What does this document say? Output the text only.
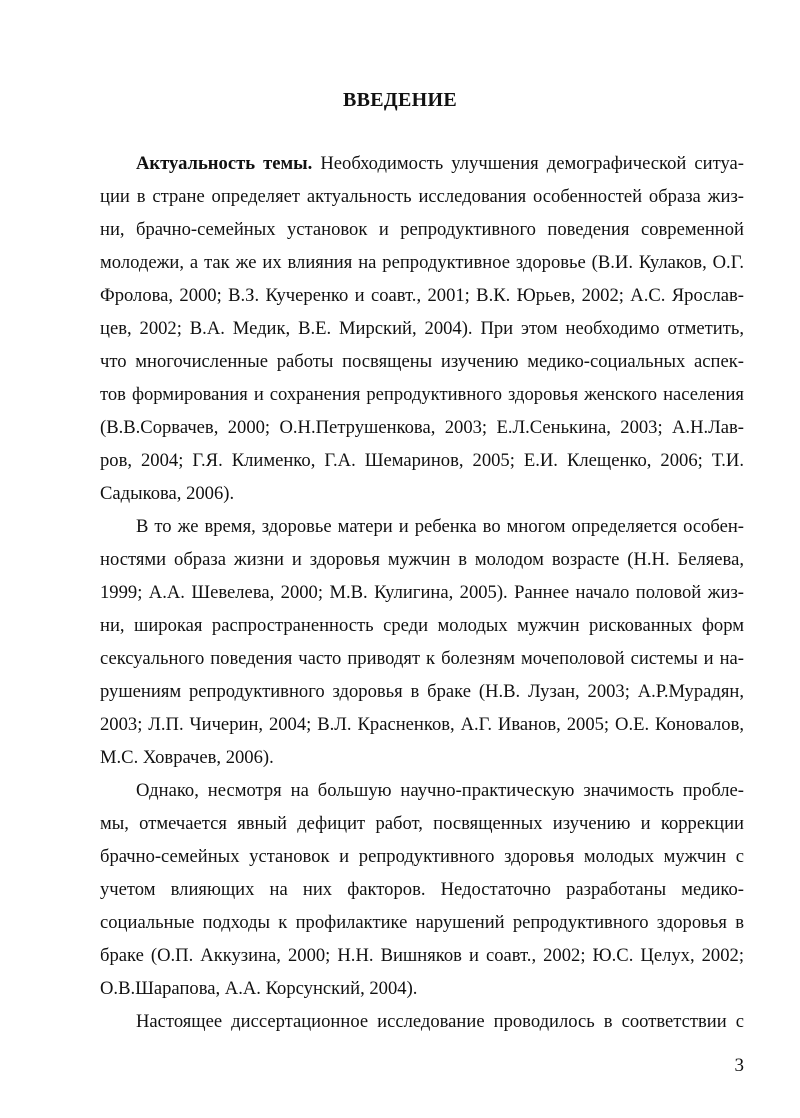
ВВЕДЕНИЕ
Актуальность темы. Необходимость улучшения демографической ситуа-
ции в стране определяет актуальность исследования особенностей образа жиз-
ни, брачно-семейных установок и репродуктивного поведения современной
молодежи, а так же их влияния на репродуктивное здоровье (В.И. Кулаков, О.Г.
Фролова, 2000; В.З. Кучеренко и соавт., 2001; В.К. Юрьев, 2002; А.С. Ярослав-
цев, 2002; В.А. Медик, В.Е. Мирский, 2004). При этом необходимо отметить,
что многочисленные работы посвящены изучению медико-социальных аспек-
тов формирования и сохранения репродуктивного здоровья женского населения
(В.В.Сорвачев, 2000; О.Н.Петрушенкова, 2003; Е.Л.Сенькина, 2003; А.Н.Лав-
ров, 2004; Г.Я. Клименко, Г.А. Шемаринов, 2005; Е.И. Клещенко, 2006; Т.И.
Садыкова, 2006).
В то же время, здоровье матери и ребенка во многом определяется особен-
ностями образа жизни и здоровья мужчин в молодом возрасте (Н.Н. Беляева,
1999; А.А. Шевелева, 2000; М.В. Кулигина, 2005). Раннее начало половой жиз-
ни, широкая распространенность среди молодых мужчин рискованных форм
сексуального поведения часто приводят к болезням мочеполовой системы и на-
рушениям репродуктивного здоровья в браке (Н.В. Лузан, 2003; А.Р.Мурадян,
2003; Л.П. Чичерин, 2004; В.Л. Красненков, А.Г. Иванов, 2005; О.Е. Коновалов,
М.С. Ховрачев, 2006).
Однако, несмотря на большую научно-практическую значимость пробле-
мы, отмечается явный дефицит работ, посвященных изучению и коррекции
брачно-семейных установок и репродуктивного здоровья молодых мужчин с
учетом влияющих на них факторов. Недостаточно разработаны медико-
социальные подходы к профилактике нарушений репродуктивного здоровья в
браке (О.П. Аккузина, 2000; Н.Н. Вишняков и соавт., 2002; Ю.С. Целух, 2002;
О.В.Шарапова, А.А. Корсунский, 2004).
Настоящее диссертационное исследование проводилось в соответствии с
3
